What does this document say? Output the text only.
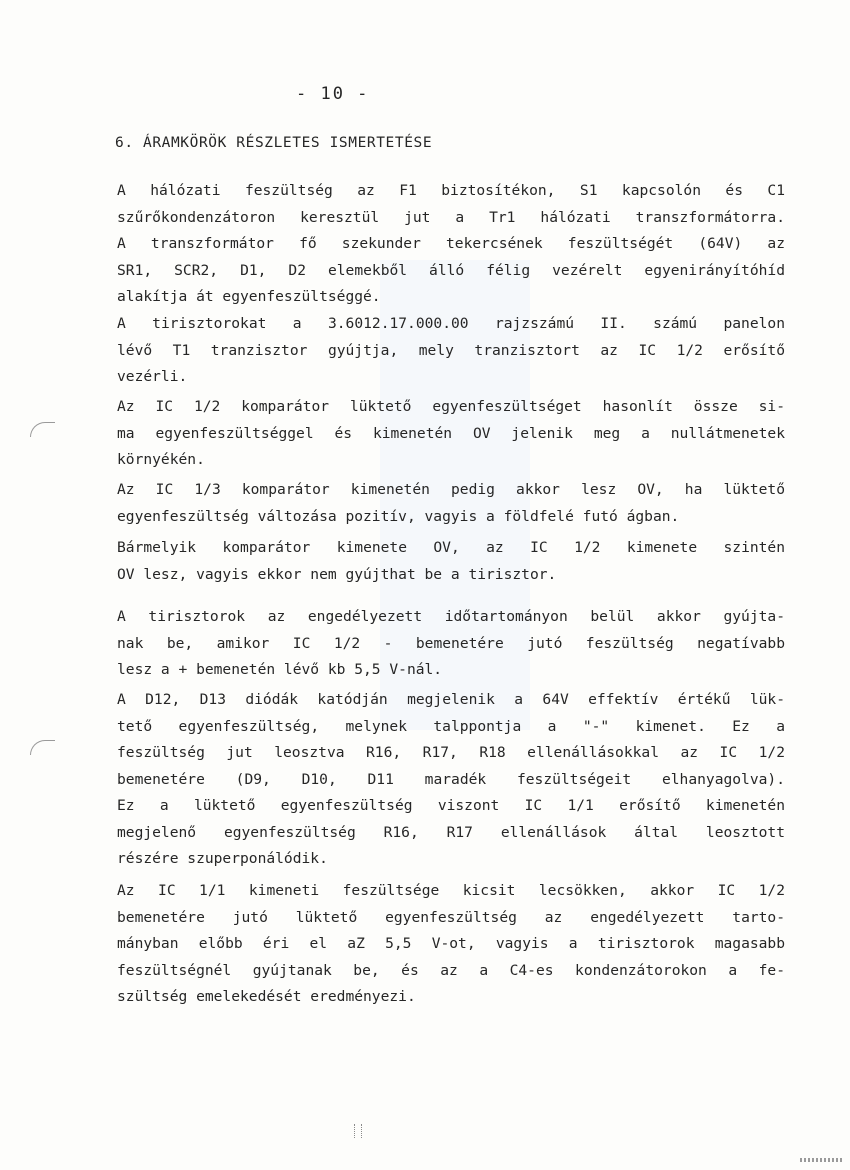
- 10 -
6. ÁRAMKÖRÖK RÉSZLETES ISMERTETÉSE
A hálózati feszültség az F1 biztosítékon, S1 kapcsolón és C1
szűrőkondenzátoron keresztül jut a Tr1 hálózati transzformátorra.
A transzformátor fő szekunder tekercsének feszültségét (64V) az
SR1, SCR2, D1, D2 elemekből álló félig vezérelt egyenirányítóhíd
alakítja át egyenfeszültséggé.
A tirisztorokat a 3.6012.17.000.00 rajzszámú II. számú panelon
lévő T1 tranzisztor gyújtja, mely tranzisztort az IC 1/2 erősítő
vezérli.
Az IC 1/2 komparátor lüktető egyenfeszültséget hasonlít össze si-
ma egyenfeszültséggel és kimenetén OV jelenik meg a nullátmenetek
környékén.
Az IC 1/3 komparátor kimenetén pedig akkor lesz OV, ha lüktető
egyenfeszültség változása pozitív, vagyis a földfelé futó ágban.
Bármelyik komparátor kimenete OV, az IC 1/2 kimenete szintén
OV lesz, vagyis ekkor nem gyújthat be a tirisztor.
A tirisztorok az engedélyezett időtartományon belül akkor gyújta-
nak be, amikor IC 1/2 - bemenetére jutó feszültség negatívabb
lesz a + bemenetén lévő kb 5,5 V-nál.
A D12, D13 diódák katódján megjelenik a 64V effektív értékű lük-
tető egyenfeszültség, melynek talppontja a "-" kimenet. Ez a
feszültség jut leosztva R16, R17, R18 ellenállásokkal az IC 1/2
bemenetére (D9, D10, D11 maradék feszültségeit elhanyagolva).
Ez a lüktető egyenfeszültség viszont IC 1/1 erősítő kimenetén
megjelenő egyenfeszültség R16, R17 ellenállások által leosztott
részére szuperponálódik.
Az IC 1/1 kimeneti feszültsége kicsit lecsökken, akkor IC 1/2
bemenetére jutó lüktető egyenfeszültség az engedélyezett tarto-
mányban előbb éri el aZ 5,5 V-ot, vagyis a tirisztorok magasabb
feszültségnél gyújtanak be, és az a C4-es kondenzátorokon a fe-
szültség emelekedését eredményezi.
